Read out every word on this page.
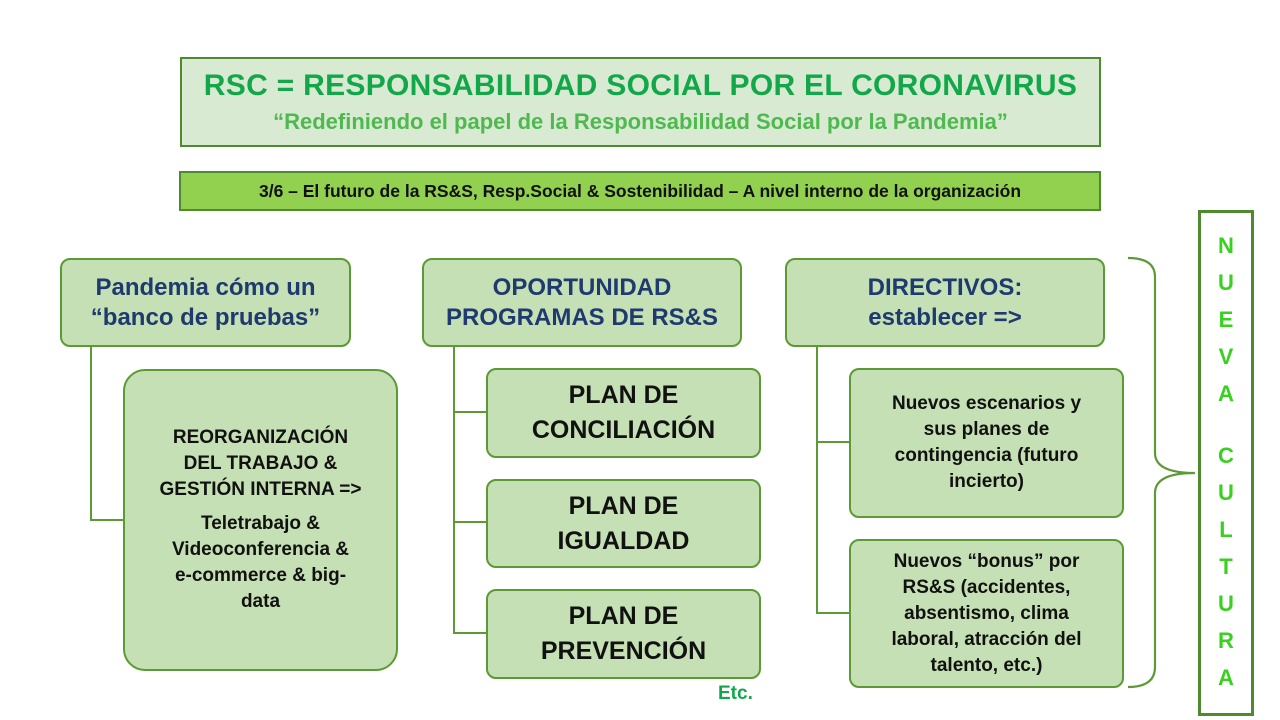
RSC = RESPONSABILIDAD SOCIAL POR EL CORONAVIRUS
“Redefiniendo el papel de la Responsabilidad Social por la Pandemia”
3/6 – El futuro de la RS&S, Resp.Social & Sostenibilidad – A nivel interno de la organización
Pandemia cómo un
“banco de pruebas”
REORGANIZACIÓN
DEL TRABAJO &
GESTIÓN INTERNA =>
Teletrabajo &
Videoconferencia &
e-commerce & big-
data
OPORTUNIDAD
PROGRAMAS DE RS&S
PLAN DE
CONCILIACIÓN
PLAN DE
IGUALDAD
PLAN DE
PREVENCIÓN
Etc.
DIRECTIVOS:
establecer =>
Nuevos escenarios y
sus planes de
contingencia (futuro
incierto)
Nuevos “bonus” por
RS&S (accidentes,
absentismo, clima
laboral, atracción del
talento, etc.)
N
U
E
V
A
C
U
L
T
U
R
A
